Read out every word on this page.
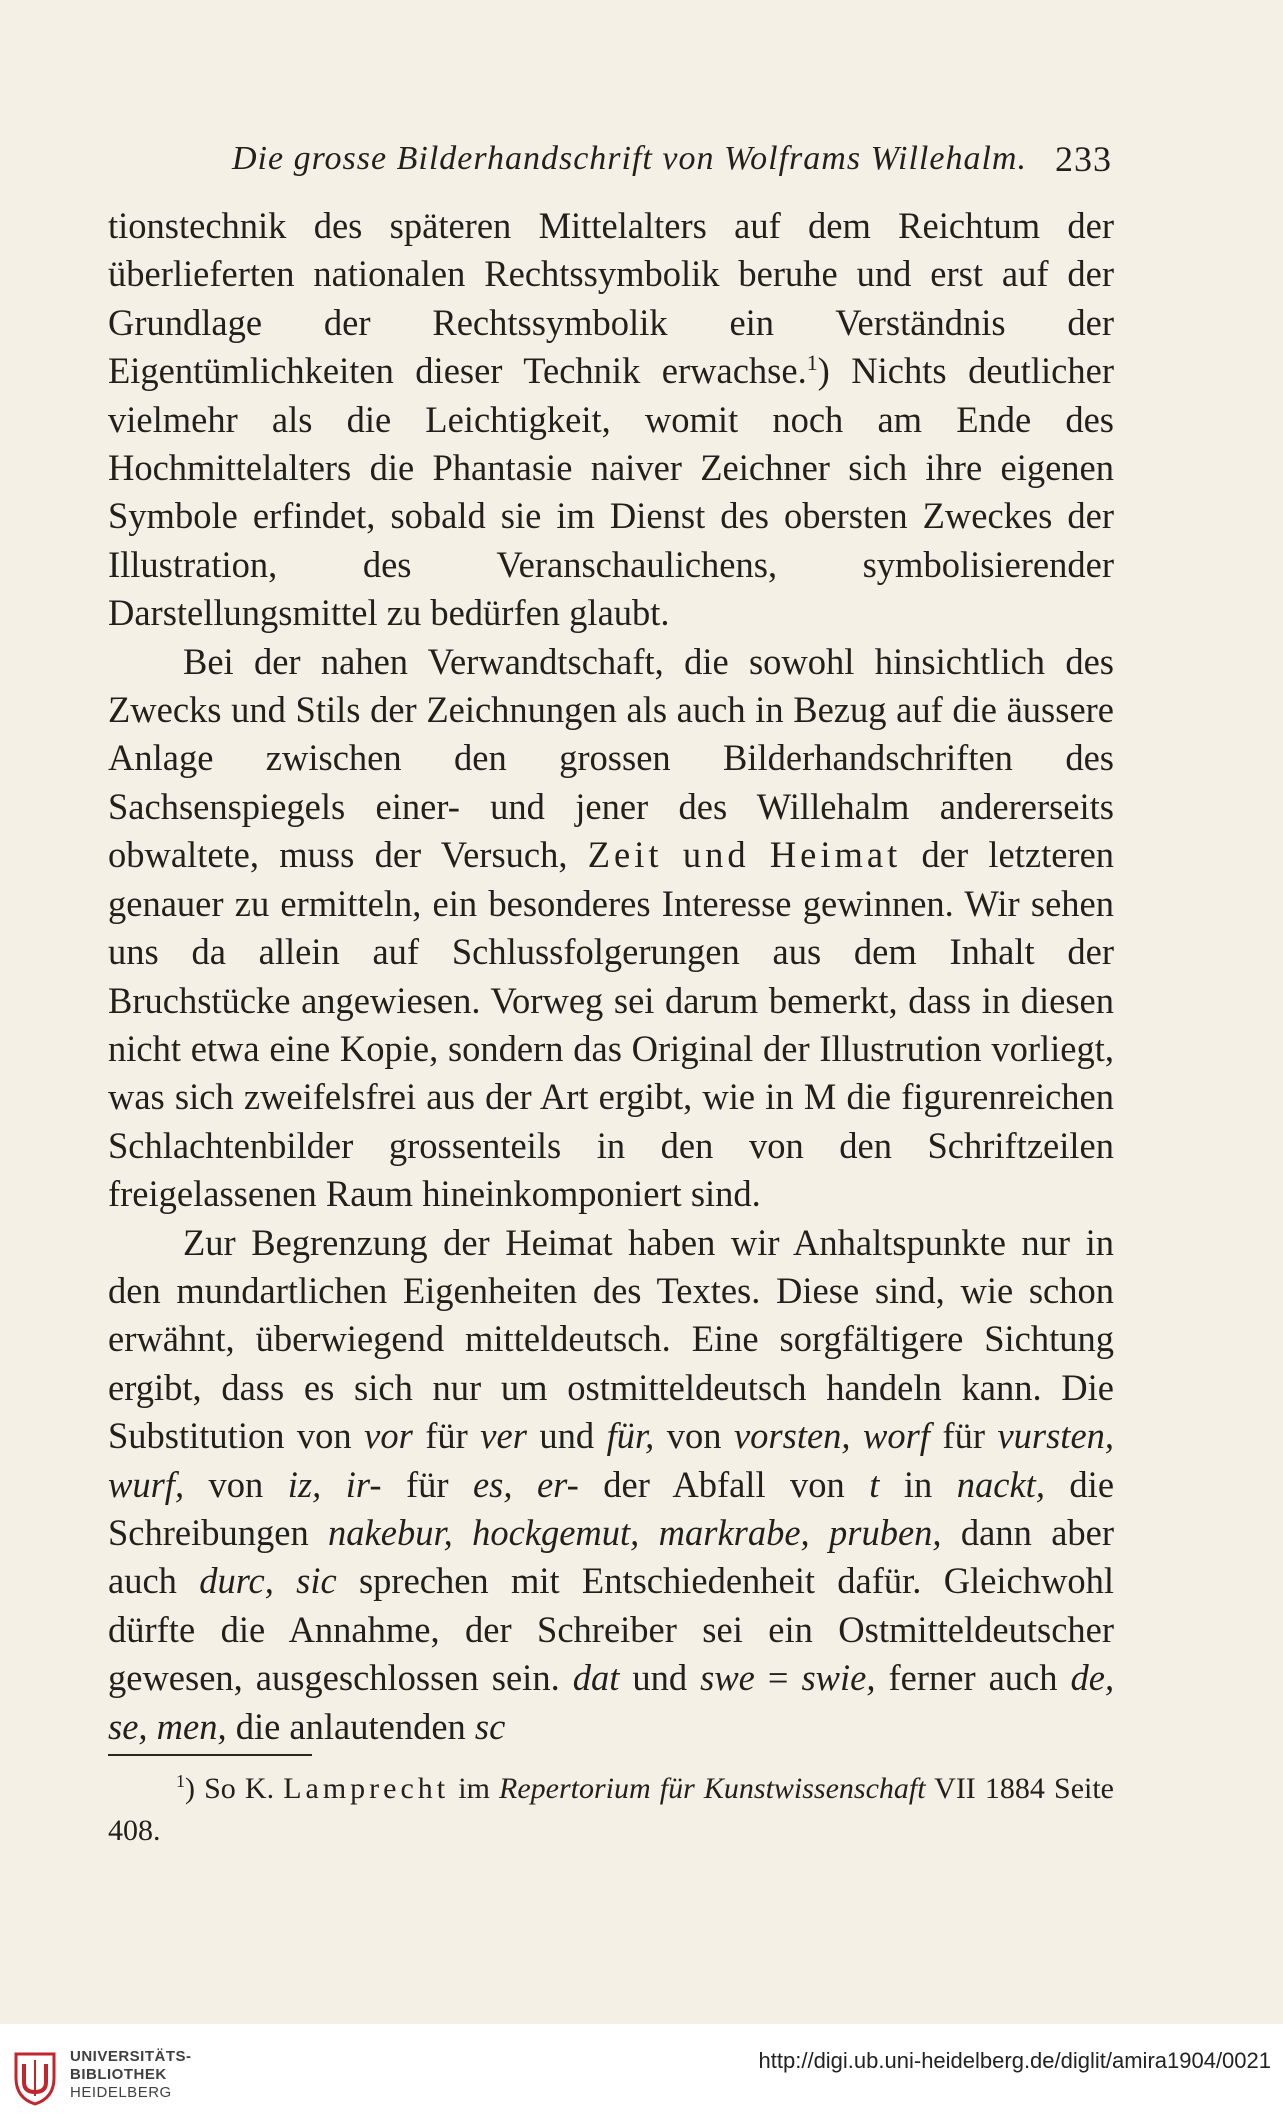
Die grosse Bilderhandschrift von Wolframs Willehalm. 233

tionstechnik des späteren Mittelalters auf dem Reichtum der überlieferten nationalen Rechtssymbolik beruhe und erst auf der Grundlage der Rechtssymbolik ein Verständnis der Eigentümlichkeiten dieser Technik erwachse.$^1$) Nichts deutlicher vielmehr als die Leichtigkeit, womit noch am Ende des Hochmittelalters die Phantasie naiver Zeichner sich ihre eigenen Symbole erfindet, sobald sie im Dienst des obersten Zweckes der Illustration, des Veranschaulichens, symbolisierender Darstellungsmittel zu bedürfen glaubt.

Bei der nahen Verwandtschaft, die sowohl hinsichtlich des Zwecks und Stils der Zeichnungen als auch in Bezug auf die äussere Anlage zwischen den grossen Bilderhandschriften des Sachsenspiegels einer- und jener des Willehalm andererseits obwaltete, muss der Versuch, Zeit und Heimat der letzteren genauer zu ermitteln, ein besonderes Interesse gewinnen. Wir sehen uns da allein auf Schlussfolgerungen aus dem Inhalt der Bruchstücke angewiesen. Vorweg sei darum bemerkt, dass in diesen nicht etwa eine Kopie, sondern das Original der Illustrution vorliegt, was sich zweifelsfrei aus der Art ergibt, wie in M die figurenreichen Schlachtenbilder grossenteils in den von den Schriftzeilen freigelassenen Raum hineinkomponiert sind.

Zur Begrenzung der Heimat haben wir Anhaltspunkte nur in den mundartlichen Eigenheiten des Textes. Diese sind, wie schon erwähnt, überwiegend mitteldeutsch. Eine sorgfältigere Sichtung ergibt, dass es sich nur um ostmitteldeutsch handeln kann. Die Substitution von vor für ver und für, von vorsten, worf für vursten, wurf, von iz, ir- für es, er- der Abfall von t in nackt, die Schreibungen nakebur, hockgemut, markrabe, pruben, dann aber auch durc, sic sprechen mit Entschiedenheit dafür. Gleichwohl dürfte die Annahme, der Schreiber sei ein Ostmitteldeutscher gewesen, ausgeschlossen sein. dat und swe = swie, ferner auch de, se, men, die anlautenden sc

$^1$) So K. Lamprecht im Repertorium für Kunstwissenschaft VII 1884 Seite 408.
UNIVERSITÄTS-
BIBLIOTHEK
HEIDELBERG
http://digi.ub.uni-heidelberg.de/diglit/amira1904/0021
